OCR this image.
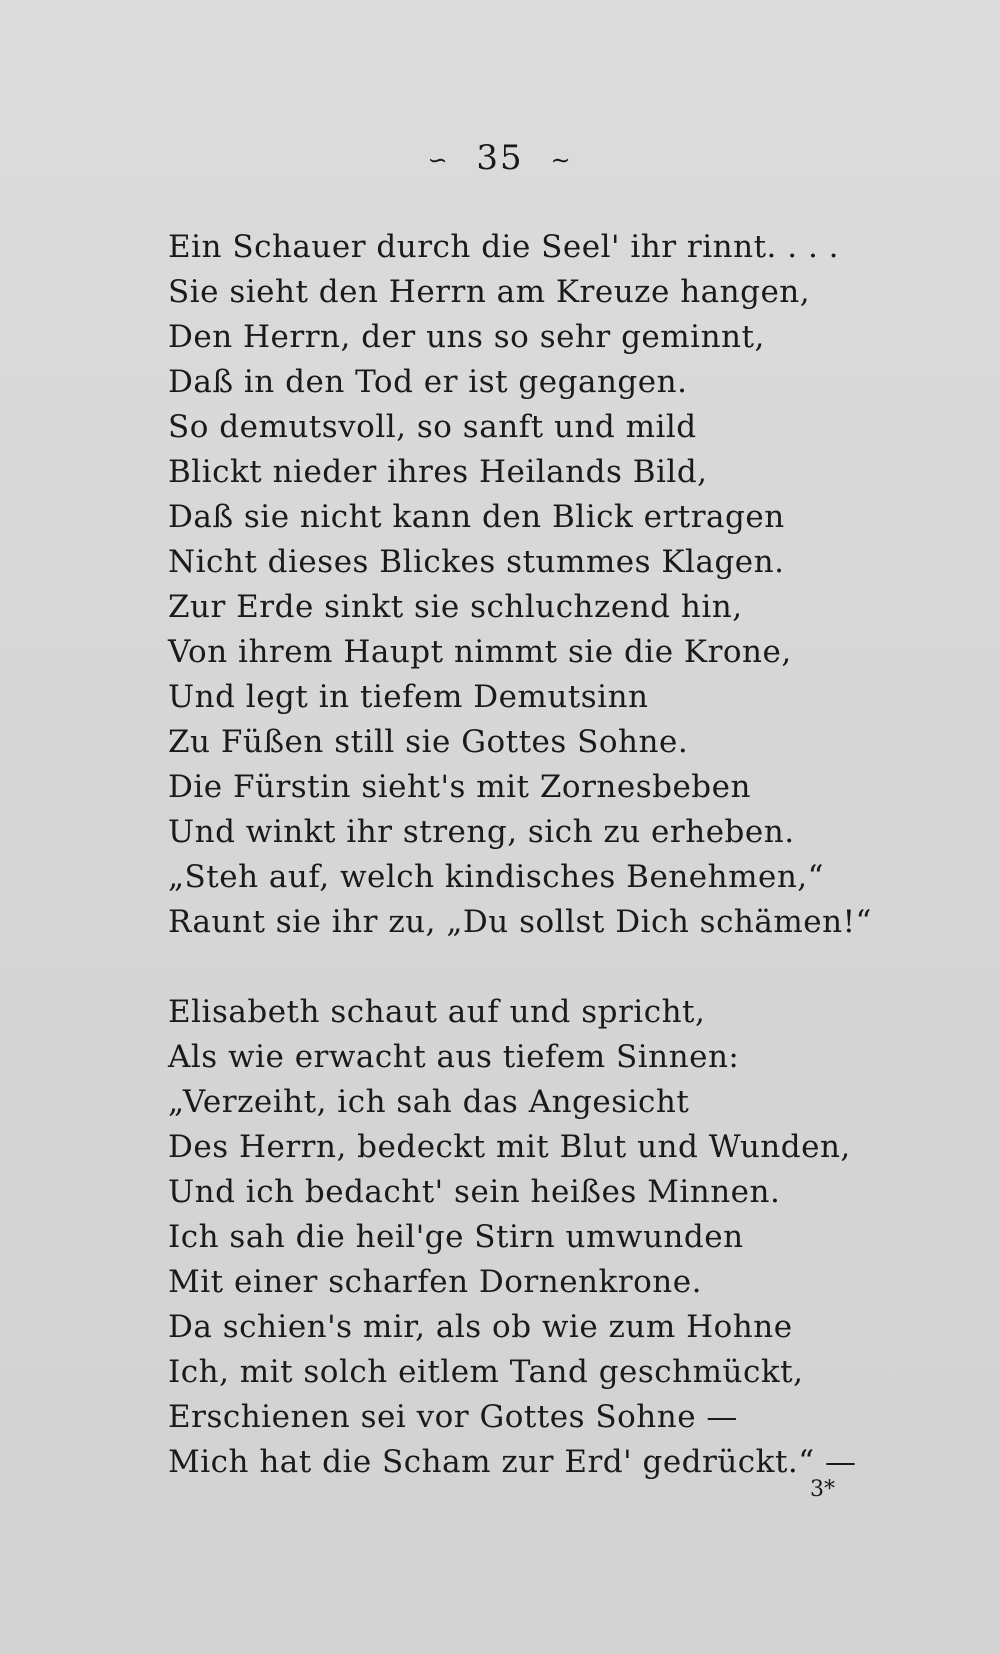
∽ 35 ∼
Ein Schauer durch die Seel' ihr rinnt. . . .
Sie sieht den Herrn am Kreuze hangen,
Den Herrn, der uns so sehr geminnt,
Daß in den Tod er ist gegangen.
So demutsvoll, so sanft und mild
Blickt nieder ihres Heilands Bild,
Daß sie nicht kann den Blick ertragen
Nicht dieses Blickes stummes Klagen.
Zur Erde sinkt sie schluchzend hin,
Von ihrem Haupt nimmt sie die Krone,
Und legt in tiefem Demutsinn
Zu Füßen still sie Gottes Sohne.
Die Fürstin sieht's mit Zornesbeben
Und winkt ihr streng, sich zu erheben.
„Steh auf, welch kindisches Benehmen,“
Raunt sie ihr zu, „Du sollst Dich schämen!“
Elisabeth schaut auf und spricht,
Als wie erwacht aus tiefem Sinnen:
„Verzeiht, ich sah das Angesicht
Des Herrn, bedeckt mit Blut und Wunden,
Und ich bedacht' sein heißes Minnen.
Ich sah die heil'ge Stirn umwunden
Mit einer scharfen Dornenkrone.
Da schien's mir, als ob wie zum Hohne
Ich, mit solch eitlem Tand geschmückt,
Erschienen sei vor Gottes Sohne —
Mich hat die Scham zur Erd' gedrückt.“ —
3*
